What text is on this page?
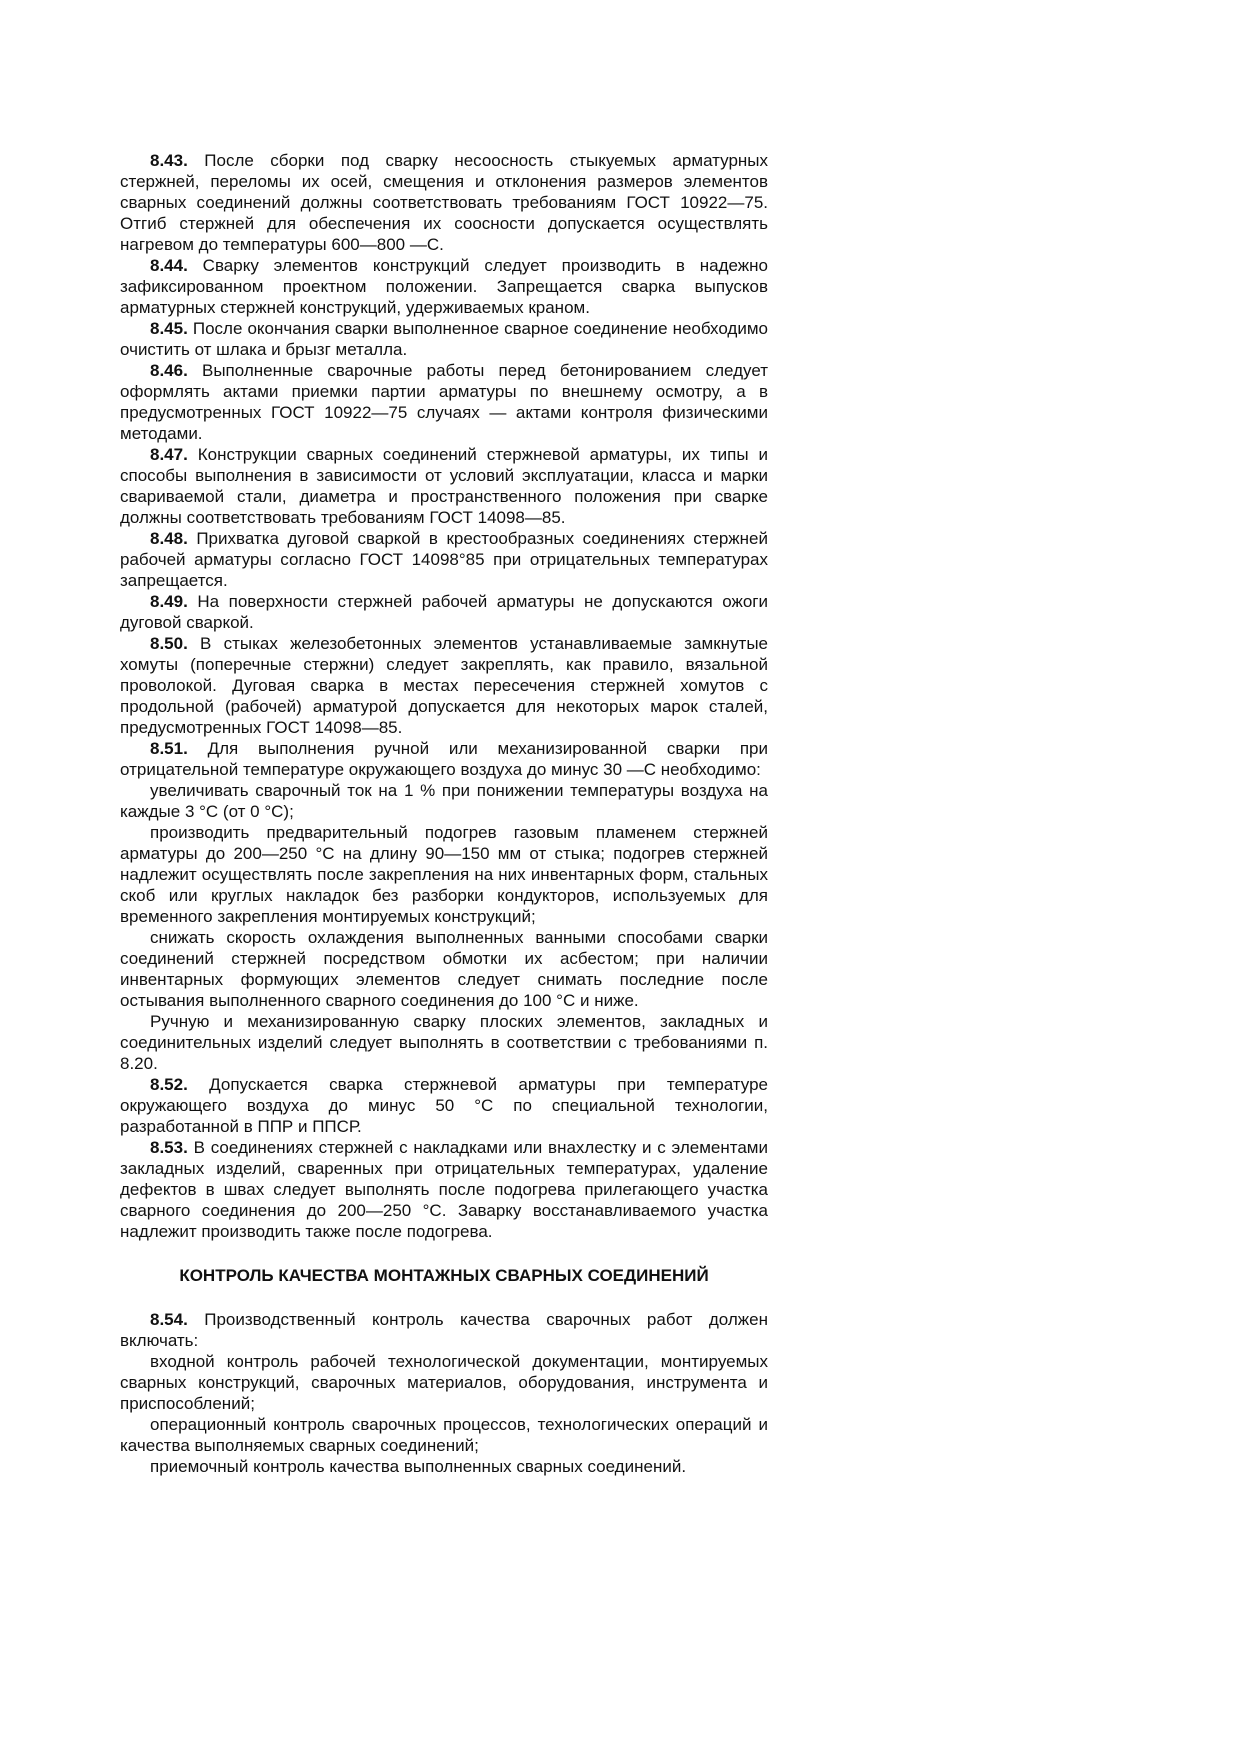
8.43. После сборки под сварку несоосность стыкуемых арматурных стержней, переломы их осей, смещения и отклонения размеров элементов сварных соединений должны соответствовать требованиям ГОСТ 10922—75. Отгиб стержней для обеспечения их соосности допускается осуществлять нагревом до температуры 600—800 —С.

8.44. Сварку элементов конструкций следует производить в надежно зафиксированном проектном положении. Запрещается сварка выпусков арматурных стержней конструкций, удерживаемых краном.

8.45. После окончания сварки выполненное сварное соединение необходимо очистить от шлака и брызг металла.

8.46. Выполненные сварочные работы перед бетонированием следует оформлять актами приемки партии арматуры по внешнему осмотру, а в предусмотренных ГОСТ 10922—75 случаях — актами контроля физическими методами.

8.47. Конструкции сварных соединений стержневой арматуры, их типы и способы выполнения в зависимости от условий эксплуатации, класса и марки свариваемой стали, диаметра и пространственного положения при сварке должны соответствовать требованиям ГОСТ 14098—85.

8.48. Прихватка дуговой сваркой в крестообразных соединениях стержней рабочей арматуры согласно ГОСТ 14098°85 при отрицательных температурах запрещается.

8.49. На поверхности стержней рабочей арматуры не допускаются ожоги дуговой сваркой.

8.50. В стыках железобетонных элементов устанавливаемые замкнутые хомуты (поперечные стержни) следует закреплять, как правило, вязальной проволокой. Дуговая сварка в местах пересечения стержней хомутов с продольной (рабочей) арматурой допускается для некоторых марок сталей, предусмотренных ГОСТ 14098—85.

8.51. Для выполнения ручной или механизированной сварки при отрицательной температуре окружающего воздуха до минус 30 —С необходимо:

увеличивать сварочный ток на 1 % при понижении температуры воздуха на каждые 3 °С (от 0 °С);

производить предварительный подогрев газовым пламенем стержней арматуры до 200—250 °С на длину 90—150 мм от стыка; подогрев стержней надлежит осуществлять после закрепления на них инвентарных форм, стальных скоб или круглых накладок без разборки кондукторов, используемых для временного закрепления монтируемых конструкций;

снижать скорость охлаждения выполненных ванными способами сварки соединений стержней посредством обмотки их асбестом; при наличии инвентарных формующих элементов следует снимать последние после остывания выполненного сварного соединения до 100 °С и ниже.

Ручную и механизированную сварку плоских элементов, закладных и соединительных изделий следует выполнять в соответствии с требованиями п. 8.20.

8.52. Допускается сварка стержневой арматуры при температуре окружающего воздуха до минус 50 °С по специальной технологии, разработанной в ППР и ППСР.

8.53. В соединениях стержней с накладками или внахлестку и с элементами закладных изделий, сваренных при отрицательных температурах, удаление дефектов в швах следует выполнять после подогрева прилегающего участка сварного соединения до 200—250 °С. Заварку восстанавливаемого участка надлежит производить также после подогрева.

КОНТРОЛЬ КАЧЕСТВА МОНТАЖНЫХ СВАРНЫХ СОЕДИНЕНИЙ

8.54. Производственный контроль качества сварочных работ должен включать:

входной контроль рабочей технологической документации, монтируемых сварных конструкций, сварочных материалов, оборудования, инструмента и приспособлений;

операционный контроль сварочных процессов, технологических операций и качества выполняемых сварных соединений;

приемочный контроль качества выполненных сварных соединений.
